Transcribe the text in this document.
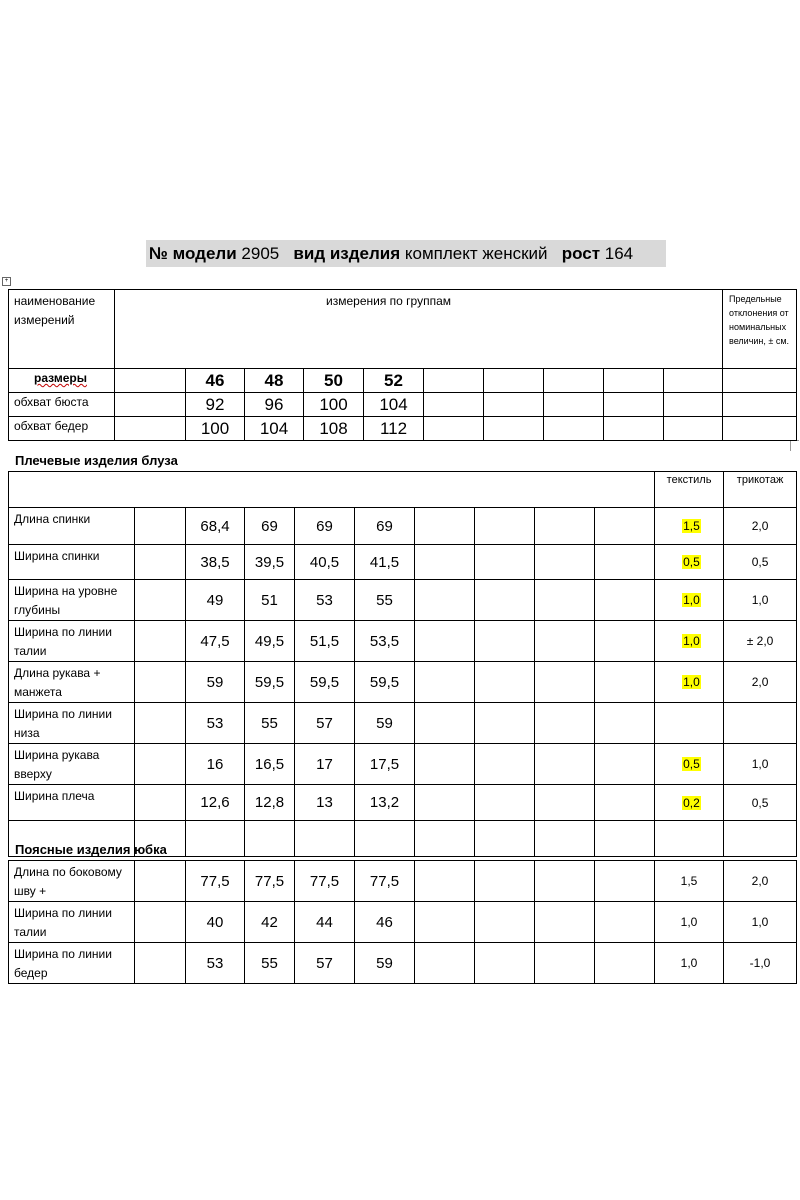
№ модели 2905 вид изделия комплект женский рост 164
+
наименование измерений	измерения по группам										Предельные отклонения от номинальных величин, ± см.
размеры		46	48	50	52						
обхват бюста		92	96	100	104						
обхват бедер		100	104	108	112						
Плечевые изделия блуза
										текстиль	трикотаж
Длина спинки		68,4	69	69	69					1,5	2,0
Ширина спинки		38,5	39,5	40,5	41,5					0,5	0,5
Ширина на уровне глубины		49	51	53	55					1,0	1,0
Ширина по линии талии		47,5	49,5	51,5	53,5					1,0	± 2,0
Длина рукава + манжета		59	59,5	59,5	59,5					1,0	2,0
Ширина по линии низа		53	55	57	59						
Ширина рукава вверху		16	16,5	17	17,5					0,5	1,0
Ширина плеча		12,6	12,8	13	13,2					0,2	0,5

Поясные изделия юбка
Длина по боковому шву +		77,5	77,5	77,5	77,5					1,5	2,0
Ширина по линии талии		40	42	44	46					1,0	1,0
Ширина по линии бедер		53	55	57	59					1,0	-1,0
